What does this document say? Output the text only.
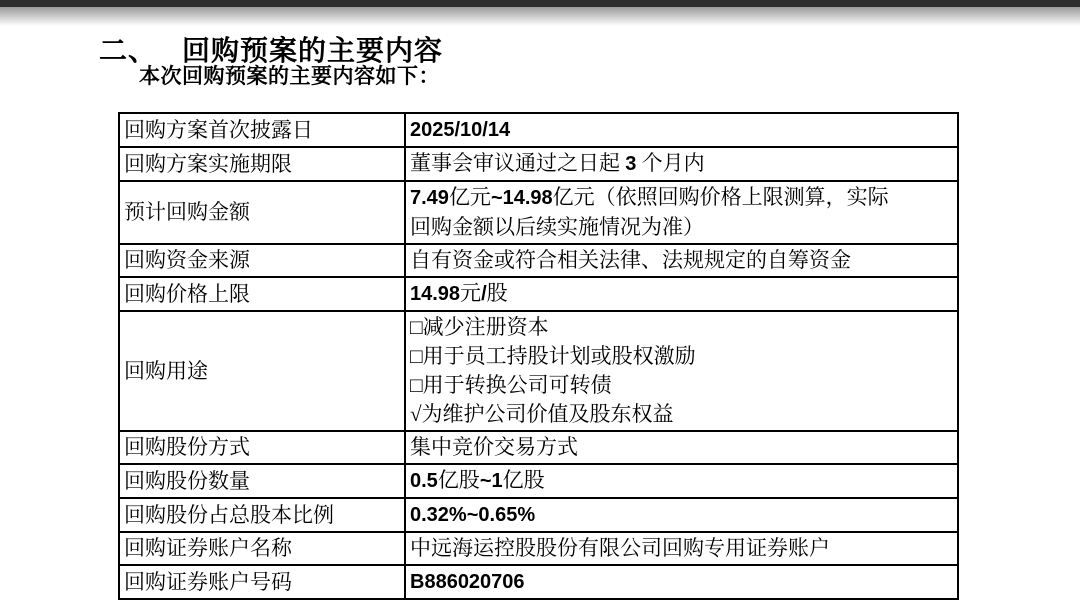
二、 回购预案的主要内容
本次回购预案的主要内容如下：
回购方案首次披露日	2025/10/14

回购方案实施期限	董事会审议通过之日起 3 个月内

预计回购金额	7.49亿元~14.98亿元（依照回购价格上限测算，实际
回购金额以后续实施情况为准）

回购资金来源	自有资金或符合相关法律、法规规定的自筹资金

回购价格上限	14.98元/股

回购用途	□减少注册资本
□用于员工持股计划或股权激励
□用于转换公司可转债
√为维护公司价值及股东权益

回购股份方式	集中竞价交易方式

回购股份数量	0.5亿股~1亿股

回购股份占总股本比例	0.32%~0.65%

回购证券账户名称	中远海运控股股份有限公司回购专用证券账户

回购证券账户号码	B886020706
